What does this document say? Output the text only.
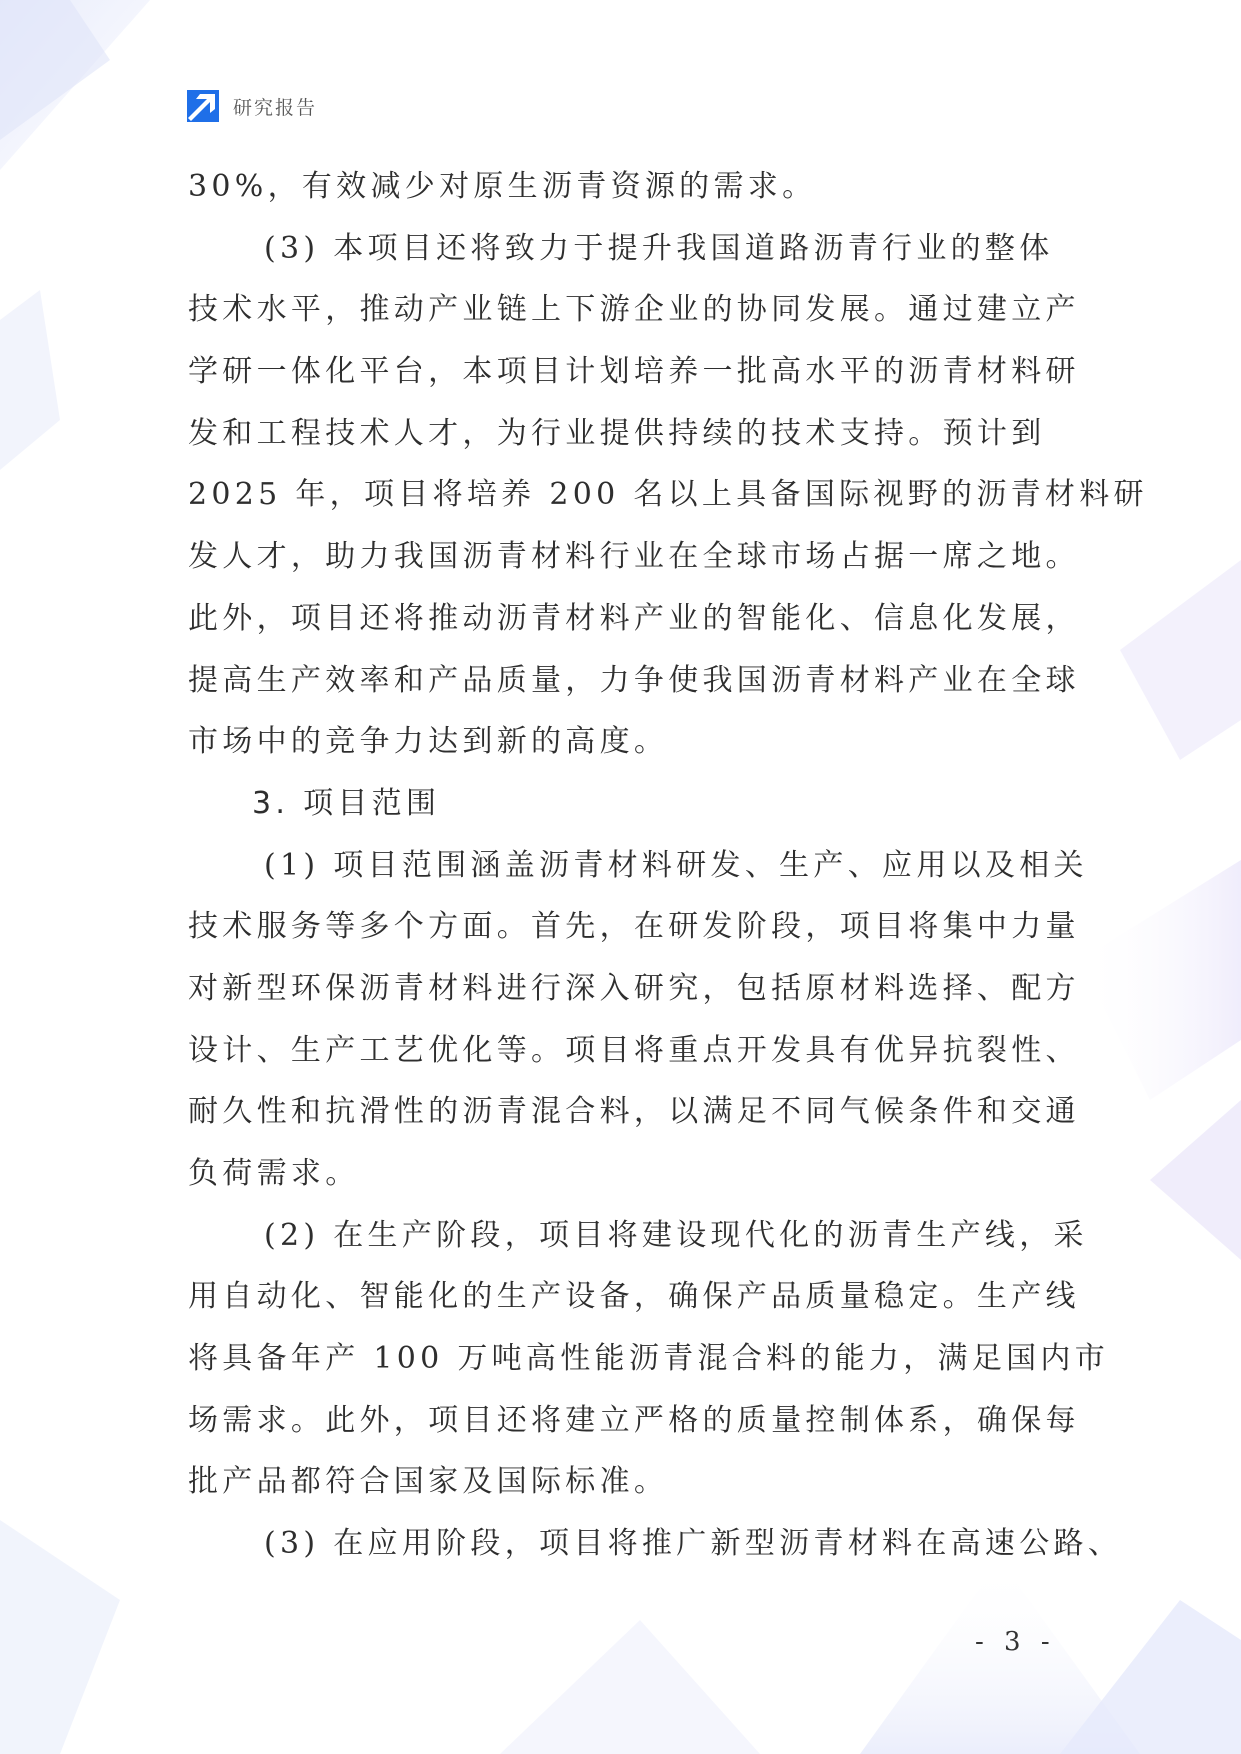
研究报告
30%，有效减少对原生沥青资源的需求。
(3) 本项目还将致力于提升我国道路沥青行业的整体
技术水平，推动产业链上下游企业的协同发展。通过建立产
学研一体化平台，本项目计划培养一批高水平的沥青材料研
发和工程技术人才，为行业提供持续的技术支持。预计到
2025 年，项目将培养 200 名以上具备国际视野的沥青材料研
发人才，助力我国沥青材料行业在全球市场占据一席之地。
此外，项目还将推动沥青材料产业的智能化、信息化发展，
提高生产效率和产品质量，力争使我国沥青材料产业在全球
市场中的竞争力达到新的高度。
3. 项目范围
(1) 项目范围涵盖沥青材料研发、生产、应用以及相关
技术服务等多个方面。首先，在研发阶段，项目将集中力量
对新型环保沥青材料进行深入研究，包括原材料选择、配方
设计、生产工艺优化等。项目将重点开发具有优异抗裂性、
耐久性和抗滑性的沥青混合料，以满足不同气候条件和交通
负荷需求。
(2) 在生产阶段，项目将建设现代化的沥青生产线，采
用自动化、智能化的生产设备，确保产品质量稳定。生产线
将具备年产 100 万吨高性能沥青混合料的能力，满足国内市
场需求。此外，项目还将建立严格的质量控制体系，确保每
批产品都符合国家及国际标准。
(3) 在应用阶段，项目将推广新型沥青材料在高速公路、
- 3 -
